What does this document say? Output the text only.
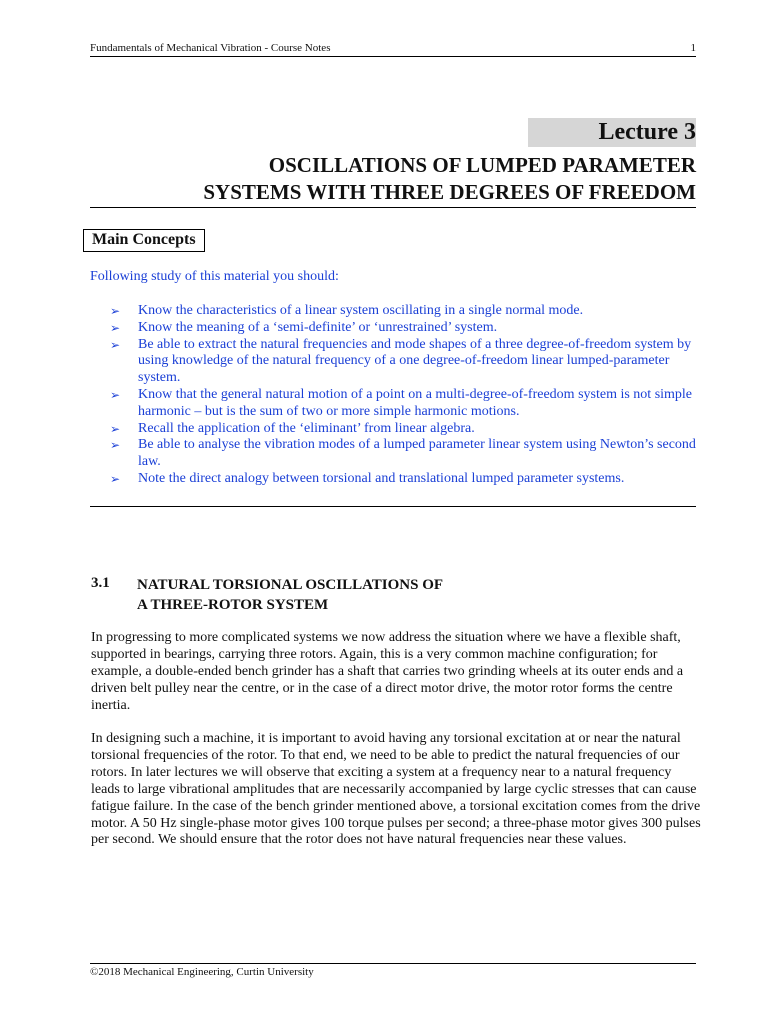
Fundamentals of Mechanical Vibration - Course Notes	1
Lecture 3
OSCILLATIONS OF LUMPED PARAMETER
SYSTEMS WITH THREE DEGREES OF FREEDOM
Main Concepts
Following study of this material you should:
➢ Know the characteristics of a linear system oscillating in a single normal mode.
➢ Know the meaning of a ‘semi-definite’ or ‘unrestrained’ system.
➢ Be able to extract the natural frequencies and mode shapes of a three degree-of-freedom system by using knowledge of the natural frequency of a one degree-of-freedom linear lumped-parameter system.
➢ Know that the general natural motion of a point on a multi-degree-of-freedom system is not simple harmonic – but is the sum of two or more simple harmonic motions.
➢ Recall the application of the ‘eliminant’ from linear algebra.
➢ Be able to analyse the vibration modes of a lumped parameter linear system using Newton’s second law.
➢ Note the direct analogy between torsional and translational lumped parameter systems.
3.1 NATURAL TORSIONAL OSCILLATIONS OF
A THREE-ROTOR SYSTEM

In progressing to more complicated systems we now address the situation where we have a flexible shaft, supported in bearings, carrying three rotors. Again, this is a very common machine configuration; for example, a double-ended bench grinder has a shaft that carries two grinding wheels at its outer ends and a driven belt pulley near the centre, or in the case of a direct motor drive, the motor rotor forms the centre inertia.

In designing such a machine, it is important to avoid having any torsional excitation at or near the natural torsional frequencies of the rotor. To that end, we need to be able to predict the natural frequencies of our rotors. In later lectures we will observe that exciting a system at a frequency near to a natural frequency leads to large vibrational amplitudes that are necessarily accompanied by large cyclic stresses that can cause fatigue failure. In the case of the bench grinder mentioned above, a torsional excitation comes from the drive motor. A 50 Hz single-phase motor gives 100 torque pulses per second; a three-phase motor gives 300 pulses per second. We should ensure that the rotor does not have natural frequencies near these values.

©2018 Mechanical Engineering, Curtin University
